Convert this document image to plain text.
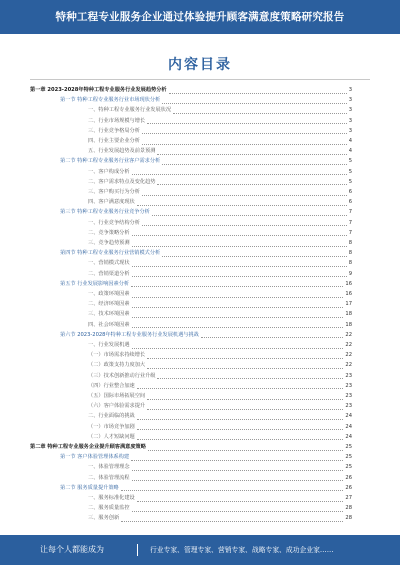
特种工程专业服务企业通过体验提升顾客满意度策略研究报告
内容目录
第一章 2023-2028年特种工程专业服务行业发展趋势分析	3
第一节 特种工程专业服务行业市场现状分析	3
一、特种工程专业服务行业发展状况	3
二、行业市场规模与增长	3
三、行业竞争格局分析	3
四、行业主要企业分析	4
五、行业发展趋势及前景预测	4
第二节 特种工程专业服务行业客户需求分析	5
一、客户构成分析	5
二、客户需求特点及变化趋势	5
三、客户购买行为分析	6
四、客户满意度现状	6
第三节 特种工程专业服务行业竞争分析	7
一、行业竞争结构分析	7
二、竞争策略分析	7
三、竞争趋势预测	8
第四节 特种工程专业服务行业营销模式分析	8
一、营销模式现状	8
二、营销渠道分析	9
第五节 行业发展影响因素分析	16
一、政策环境因素	16
二、经济环境因素	17
三、技术环境因素	18
四、社会环境因素	18
第六节 2023-2028年特种工程专业服务行业发展机遇与挑战	22
一、行业发展机遇	22
（一）市场需求持续增长	22
（二）政策支持力度加大	22
（三）技术创新推动行业升级	23
（四）行业整合加速	23
（五）国际市场拓展空间	23
（六）客户体验需求提升	23
二、行业面临的挑战	24
（一）市场竞争加剧	24
（二）人才短缺问题	24
第二章 特种工程专业服务企业提升顾客满意度策略	25
第一节 客户体验管理体系构建	25
一、体验管理理念	25
二、体验管理流程	26
第二节 服务质量提升策略	26
一、服务标准化建设	27
二、服务质量监控	28
三、服务创新	28
让每个人都能成为	行业专家、管理专家、营销专家、战略专家、成功企业家……
